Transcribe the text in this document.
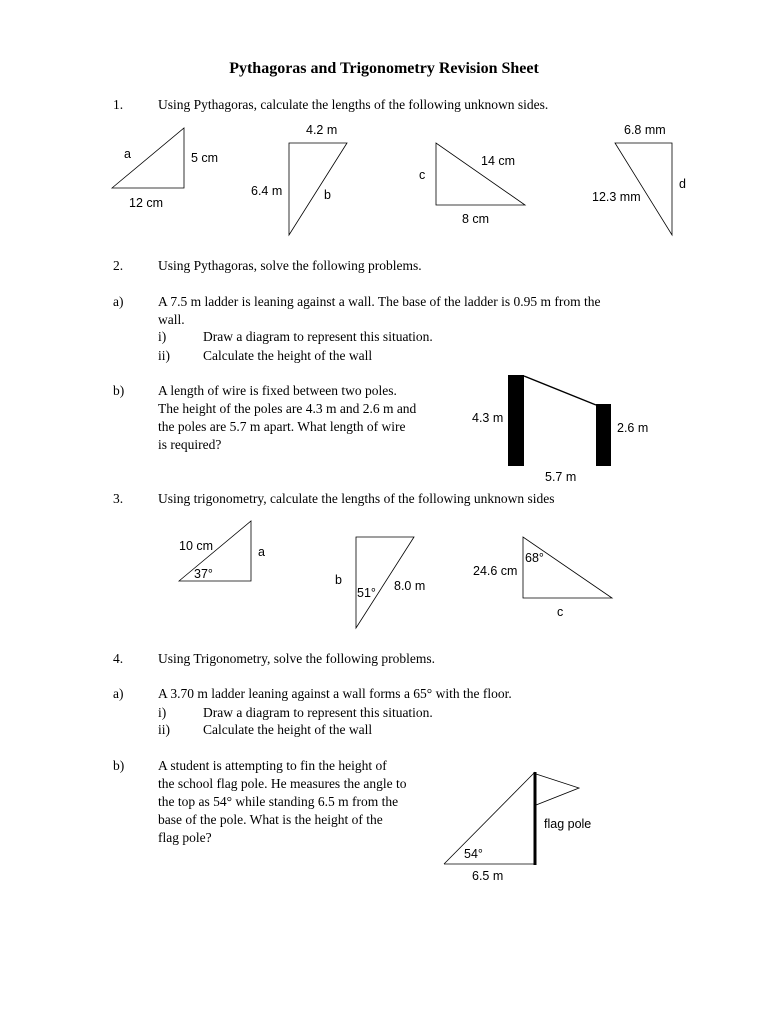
Pythagoras and Trigonometry Revision Sheet
1.	Using Pythagoras, calculate the lengths of the following unknown sides.
2.	Using Pythagoras, solve the following problems.
a)	A 7.5 m ladder is leaning against a wall. The base of the ladder is 0.95 m from the
wall.
i)	Draw a diagram to represent this situation.
ii) Calculate the height of the wall
b)	A length of wire is fixed between two poles.
The height of the poles are 4.3 m and 2.6 m and
the poles are 5.7 m apart. What length of wire
is required?
3.	Using trigonometry, calculate the lengths of the following unknown sides
4.	Using Trigonometry, solve the following problems.
a)	A 3.70 m ladder leaning against a wall forms a 65° with the floor.
i)	Draw a diagram to represent this situation.
ii) Calculate the height of the wall
b)	A student is attempting to fin the height of
the school flag pole. He measures the angle to
the top as 54° while standing 6.5 m from the
base of the pole. What is the height of the
flag pole?
a	5 cm
12 cm
4.2 m
6.4 m	b
c
14 cm
8 cm
6.8 mm
12.3 mm
d
4.3 m
2.6 m
5.7 m
10 cm	a
37°	b	8.0 m
51°
24.6 cm
68°
c
flag pole
54°
6.5 m
